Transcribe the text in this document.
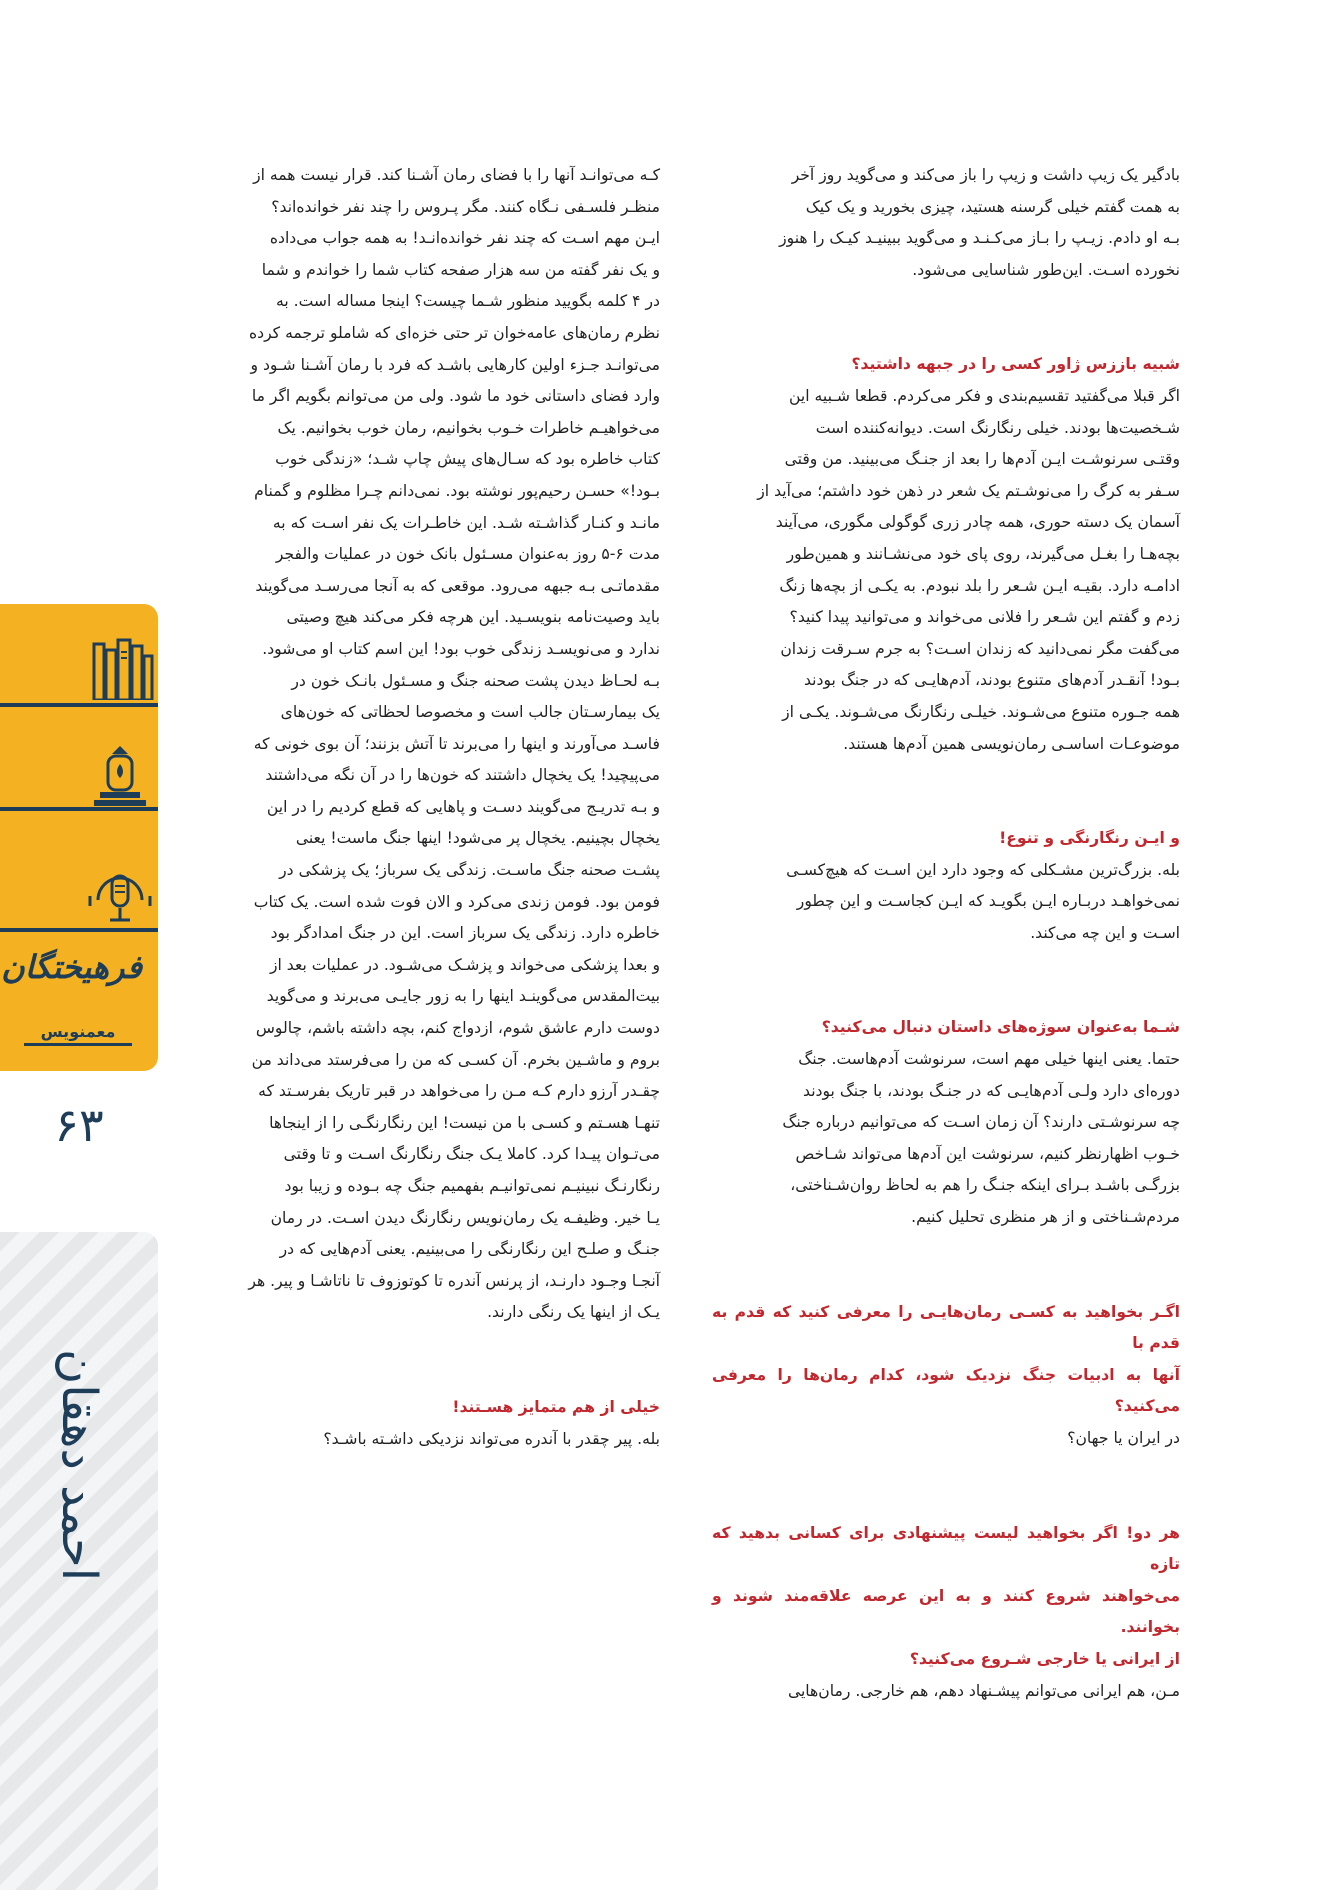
فرهیختگان
معمنویس
۶۳
احمد دهقان

بادگیر یک زیپ داشت و زیپ را باز می‌کند و می‌گوید روز آخر

به همت گفتم خیلی گرسنه هستید، چیزی بخورید و یک کیک

بـه او دادم. زیـپ را بـاز می‌کـنـد و می‌گوید ببینیـد کیـک را هنوز

نخورده اسـت. این‌طور شناسایی می‌شود.

شبیه باززس ژاور کسی را در جبهه داشتید؟

اگر قبلا می‌گفتید تقسیم‌بندی و فکر می‌کردم. قطعا شـبیه این

شـخصیت‌ها بودند. خیلی رنگارنگ است. دیوانه‌کننده است

وقتـی سرنوشـت ایـن آدم‌ها را بعد از جنـگ می‌بینید. من وقتی

سـفر به کرگ را می‌نوشـتم یک شعر در ذهن خود داشتم؛ می‌آید از

آسمان یک دسته حوری، همه چادر زری گوگولی مگوری، می‌آیند

بچه‌هـا را بغـل می‌گیرند، روی پای خود می‌نشـانند و همین‌طور

ادامـه دارد. بقیـه ایـن شـعر را بلد نبودم. به یکـی از بچه‌ها زنگ

زدم و گفتم این شـعر را فلانی می‌خواند و می‌توانید پیدا کنید؟

می‌گفت مگر نمی‌دانید که زندان اسـت؟ به جرم سـرقت زندان

بـود! آنقـدر آدم‌های متنوع بودند، آدم‌هایـی که در جنگ بودند

همه جـوره متنوع می‌شـوند. خیلـی رنگارنگ می‌شـوند. یکـی از

موضوعـات اساسـی رمان‌نویسی همین آدم‌ها هستند.

و ایـن رنگارنگی و تنوع!

بله. بزرگ‌ترین مشـکلی که وجود دارد این اسـت که هیچ‌کسـی

نمی‌خواهـد دربـاره ایـن بگویـد که ایـن کجاسـت و این چطور

اسـت و این چه می‌کند.

شـما به‌عنوان سوژه‌های داستان دنبال می‌کنید؟

حتما. یعنی اینها خیلی مهم است، سرنوشت آدم‌هاست. جنگ

دوره‌ای دارد ولـی آدم‌هایـی که در جنـگ بودند، با جنگ بودند

چه سرنوشـتی دارند؟ آن زمان اسـت که می‌توانیم درباره جنگ

خـوب اظهارنظر کنیم، سرنوشت این آدم‌ها می‌تواند شـاخص

بزرگـی باشـد بـرای اینکه جنـگ را هم به لحاظ روان‌شـناختی،

مردم‌شـناختی و از هر منظری تحلیل کنیم.

اگـر بخواهید به کسـی رمان‌هایـی را معرفی کنید که قدم به قدم با

آنها به ادبیات جنگ نزدیک شود، کدام رمان‌ها را معرفی می‌کنید؟

در ایران یا جهان؟

هر دو! اگر بخواهید لیست پیشنهادی برای کسانی بدهید که تازه

می‌خواهند شروع کنند و به این عرصه علاقه‌مند شوند و بخوانند.

از ایرانی یا خارجی شـروع می‌کنید؟

مـن، هم ایرانی می‌توانم پیشـنهاد دهم، هم خارجی. رمان‌هایی

کـه می‌توانـد آنها را با فضای رمان آشـنا کند. قرار نیست همه از

منظـر فلسـفی نـگاه کنند. مگر پـروس را چند نفر خوانده‌اند؟

ایـن مهم اسـت که چند نفر خوانده‌انـد! به همه جواب می‌داده

و یک نفر گفته من سه هزار صفحه کتاب شما را خواندم و شما

در ۴ کلمه بگویید منظور شـما چیست؟ اینجا مساله است. به

نظرم رمان‌های عامه‌خوان تر حتی خزه‌ای که شاملو ترجمه کرده

می‌توانـد جـزء اولین کارهایی باشـد که فرد با رمان آشـنا شـود و

وارد فضای داستانی خود ما شود. ولی من می‌توانم بگویم اگر ما

می‌خواهیـم خاطرات خـوب بخوانیم، رمان خوب بخوانیم. یک

کتاب خاطره بود که سـال‌های پیش چاپ شـد؛ «زندگی خوب

بـود!» حسـن رحیم‌پور نوشته بود. نمی‌دانم چـرا مظلوم و گمنام

مانـد و کنـار گذاشـته شـد. این خاطـرات یک نفر اسـت که به

مدت ۶-۵ روز به‌عنوان مسـئول بانک خون در عملیات والفجر

مقدماتـی بـه جبهه می‌رود. موقعی که به آنجا می‌رسـد می‌گویند

باید وصیت‌نامه بنویسـید. این هرچه فکر می‌کند هیچ وصیتی

ندارد و می‌نویسـد زندگی خوب بود! این اسم کتاب او می‌شود.

بـه لحـاظ دیدن پشت صحنه جنگ و مسـئول بانـک خون در

یک بیمارسـتان جالب است و مخصوصا لحظاتی که خون‌های

فاسـد می‌آورند و اینها را می‌برند تا آتش بزنند؛ آن بوی خونی که

می‌پیچید! یک یخچال داشتند که خون‌ها را در آن نگه می‌داشتند

و بـه تدریـج می‌گویند دسـت و پاهایی که قطع کردیم را در این

یخچال بچینیم. یخچال پر می‌شود! اینها جنگ ماست! یعنی

پشـت صحنه جنگ ماسـت. زندگی یک سرباز؛ یک پزشکی در

فومن بود. فومن زندی می‌کرد و الان فوت شده است. یک کتاب

خاطره دارد. زندگی یک سرباز است. این در جنگ امدادگر بود

و بعدا پزشکی می‌خواند و پزشـک می‌شـود. در عملیات بعد از

بیت‌المقدس می‌گوینـد اینها را به زور جایـی می‌برند و می‌گوید

دوست دارم عاشق شوم، ازدواج کنم، بچه داشته باشم، چالوس

بروم و ماشـین بخرم. آن کسـی که من را می‌فرستد می‌داند من

چقـدر آرزو دارم کـه مـن را می‌خواهد در قبر تاریک بفرسـتد که

تنهـا هسـتم و کسـی با من نیست! این رنگارنگـی را از اینجاها

می‌تـوان پیـدا کرد. کاملا یـک جنگ رنگارنگ اسـت و تا وقتی

رنگارنـگ نبینیـم نمی‌توانیـم بفهمیم جنگ چه بـوده و زیبا بود

یـا خیر. وظیفـه یک رمان‌نویس رنگارنگ دیدن اسـت. در رمان

جنـگ و صلـح این رنگارنگی را می‌بینیم. یعنی آدم‌هایی که در

آنجـا وجـود دارنـد، از پرنس آندره تا کوتوزوف تا ناتاشـا و پیر. هر

یـک از اینها یک رنگی دارند.

خیلی از هم متمایز هسـتند!

بله. پیر چقدر با آندره می‌تواند نزدیکی داشـته باشـد؟
